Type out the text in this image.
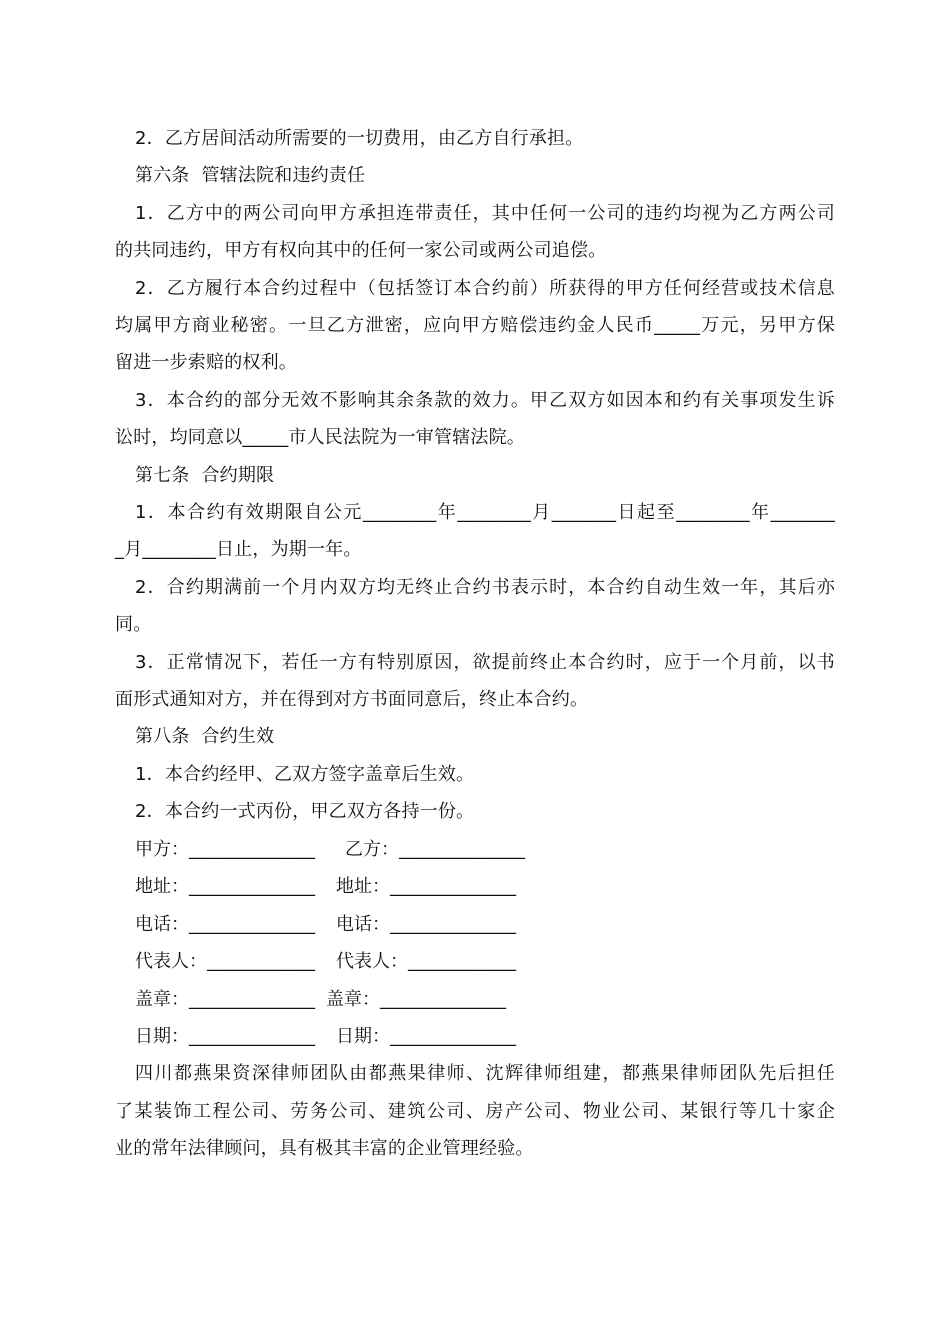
2．乙方居间活动所需要的一切费用，由乙方自行承担。
第六条  管辖法院和违约责任
1．乙方中的两公司向甲方承担连带责任，其中任何一公司的违约均视为乙方两公司
的共同违约，甲方有权向其中的任何一家公司或两公司追偿。
2．乙方履行本合约过程中（包括签订本合约前）所获得的甲方任何经营或技术信息
均属甲方商业秘密。一旦乙方泄密，应向甲方赔偿违约金人民币_____万元，另甲方保
留进一步索赔的权利。
3．本合约的部分无效不影响其余条款的效力。甲乙双方如因本和约有关事项发生诉
讼时，均同意以_____市人民法院为一审管辖法院。
第七条  合约期限
1．本合约有效期限自公元________年________月_______日起至________年_______
_月________日止，为期一年。
2．合约期满前一个月内双方均无终止合约书表示时，本合约自动生效一年，其后亦
同。
3．正常情况下，若任一方有特别原因，欲提前终止本合约时，应于一个月前，以书
面形式通知对方，并在得到对方书面同意后，终止本合约。
第八条  合约生效
1．本合约经甲、乙双方签字盖章后生效。
2．本合约一式丙份，甲乙双方各持一份。
甲方：______________ 乙方：______________
地址：______________ 地址：______________
电话：______________ 电话：______________
代表人：____________ 代表人：____________
盖章：______________ 盖章：______________
日期：______________ 日期：______________
四川都燕果资深律师团队由都燕果律师、沈辉律师组建，都燕果律师团队先后担任
了某装饰工程公司、劳务公司、建筑公司、房产公司、物业公司、某银行等几十家企
业的常年法律顾问，具有极其丰富的企业管理经验。
